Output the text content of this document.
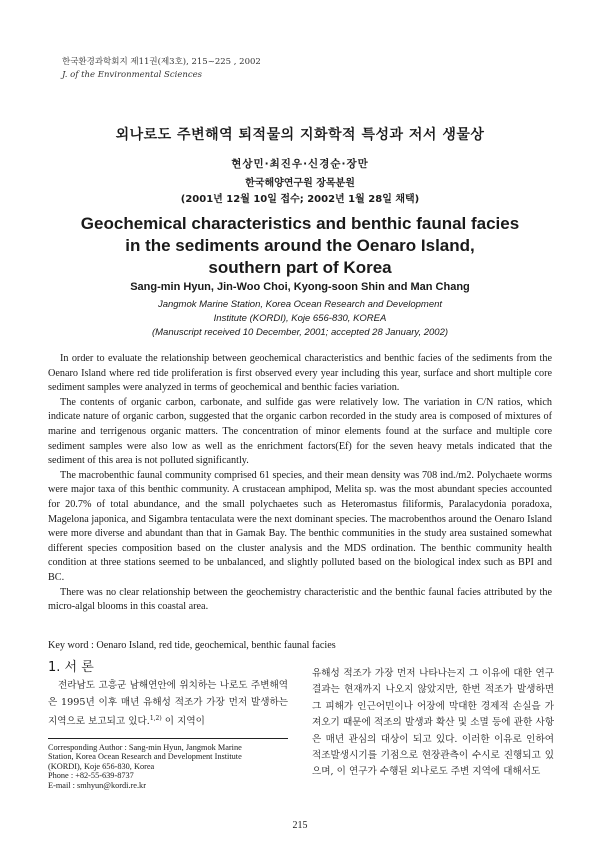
한국환경과학회지 제11권(제3호), 215~225 , 2002
J. of the Environmental Sciences
외나로도 주변해역 퇴적물의 지화학적 특성과 저서 생물상
현상민·최진우·신경순·장만
한국해양연구원 장목분원
(2001년 12월 10일 접수; 2002년 1월 28일 채택)
Geochemical characteristics and benthic faunal facies
in the sediments around the Oenaro Island,
southern part of Korea
Sang-min Hyun, Jin-Woo Choi, Kyong-soon Shin and Man Chang
Jangmok Marine Station, Korea Ocean Research and Development
Institute (KORDI), Koje 656-830, KOREA
(Manuscript received 10 December, 2001; accepted 28 January, 2002)

In order to evaluate the relationship between geochemical characteristics and benthic facies of the sediments from the Oenaro Island where red tide proliferation is first observed every year including this year, surface and short multiple core sediment samples were analyzed in terms of geochemical and benthic facies variation.

The contents of organic carbon, carbonate, and sulfide gas were relatively low. The variation in C/N ratios, which indicate nature of organic carbon, suggested that the organic carbon recorded in the study area is composed of mixtures of marine and terrigenous organic matters. The concentration of minor elements found at the surface and multiple core sediment samples were also low as well as the enrichment factors(Ef) for the seven heavy metals indicated that the sediment of this area is not polluted significantly.

The macrobenthic faunal community comprised 61 species, and their mean density was 708 ind./m2. Polychaete worms were major taxa of this benthic community. A crustacean amphipod, Melita sp. was the most abundant species accounted for 20.7% of total abundance, and the small polychaetes such as Heteromastus filiformis, Paralacydonia poradoxa, Magelona japonica, and Sigambra tentaculata were the next dominant species. The macrobenthos around the Oenaro Island were more diverse and abundant than that in Gamak Bay. The benthic communities in the study area sustained somewhat different species composition based on the cluster analysis and the MDS ordination. The benthic community health condition at three stations seemed to be unbalanced, and slightly polluted based on the biological index such as BPI and BC.

There was no clear relationship between the geochemistry characteristic and the benthic faunal facies attributed by the micro-algal blooms in this coastal area.

Key word : Oenaro Island, red tide, geochemical, benthic faunal facies
1. 서 론
전라남도 고흥군 남해연안에 위치하는 나로도 주변해역은 1995년 이후 매년 유해성 적조가 가장 먼저 발생하는 지역으로 보고되고 있다.$^{1,2)}$ 이 지역이
유해성 적조가 가장 먼저 나타나는지 그 이유에 대한 연구결과는 현재까지 나오지 않았지만, 한번 적조가 발생하면 그 피해가 인근어민이나 어장에 막대한 경제적 손실을 가져오기 때문에 적조의 발생과 확산 및 소멸 등에 관한 사항은 매년 관심의 대상이 되고 있다. 이러한 이유로 인하여 적조발생시기를 기점으로 현장관측이 수시로 진행되고 있으며, 이 연구가 수행된 외나로도 주변 지역에 대해서도
Corresponding Author : Sang-min Hyun, Jangmok Marine
Station, Korea Ocean Research and Development Institute
(KORDI), Koje 656-830, Korea
Phone : +82-55-639-8737
E-mail : smhyun@kordi.re.kr
215
